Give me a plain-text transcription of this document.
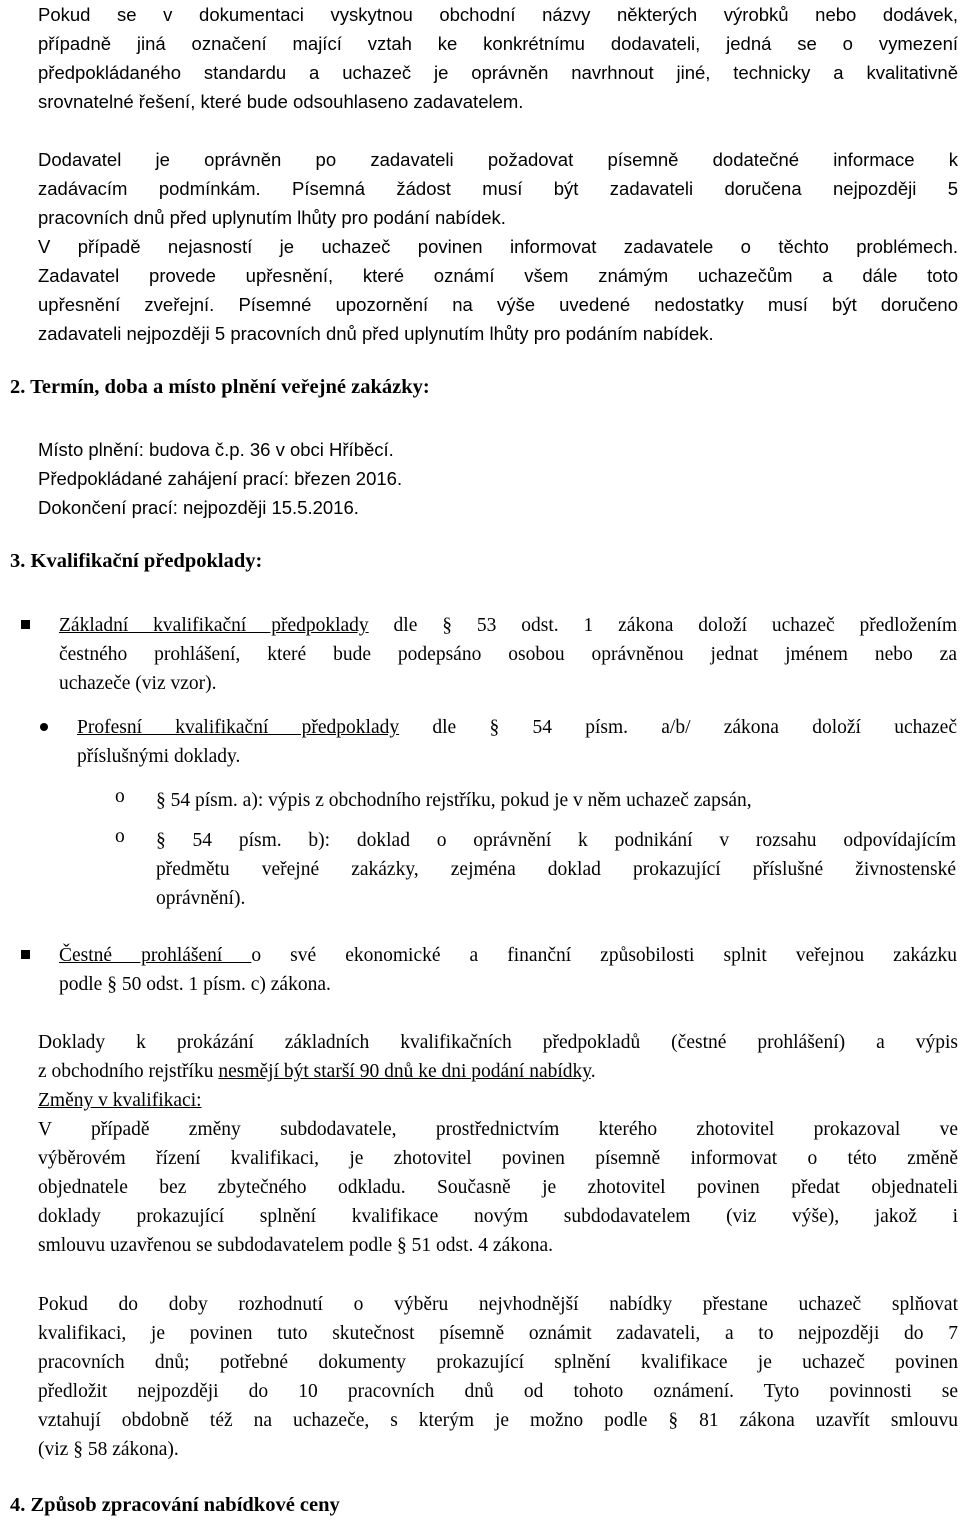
Pokud se v dokumentaci vyskytnou obchodní názvy některých výrobků nebo dodávek,
případně jiná označení mající vztah ke konkrétnímu dodavateli, jedná se o vymezení
předpokládaného standardu a uchazeč je oprávněn navrhnout jiné, technicky a kvalitativně
srovnatelné řešení, které bude odsouhlaseno zadavatelem.
Dodavatel je oprávněn po zadavateli požadovat písemně dodatečné informace k
zadávacím podmínkám. Písemná žádost musí být zadavateli doručena nejpozději 5
pracovních dnů před uplynutím lhůty pro podání nabídek.
V případě nejasností je uchazeč povinen informovat zadavatele o těchto problémech.
Zadavatel provede upřesnění, které oznámí všem známým uchazečům a dále toto
upřesnění zveřejní. Písemné upozornění na výše uvedené nedostatky musí být doručeno
zadavateli nejpozději 5 pracovních dnů před uplynutím lhůty pro podáním nabídek.
2. Termín, doba a místo plnění veřejné zakázky:
Místo plnění: budova č.p. 36 v obci Hříběcí.
Předpokládané zahájení prací: březen 2016.
Dokončení prací: nejpozději 15.5.2016.
3. Kvalifikační předpoklady:
Základní kvalifikační předpoklady dle § 53 odst. 1 zákona doloží uchazeč předložením
čestného prohlášení, které bude podepsáno osobou oprávněnou jednat jménem nebo za
uchazeče (viz vzor).
Profesní kvalifikační předpoklady dle § 54 písm. a/b/ zákona doloží uchazeč
příslušnými doklady.
o § 54 písm. a): výpis z obchodního rejstříku, pokud je v něm uchazeč zapsán,
o § 54 písm. b): doklad o oprávnění k podnikání v rozsahu odpovídajícím
předmětu veřejné zakázky, zejména doklad prokazující příslušné živnostenské
oprávnění).
Čestné prohlášení o své ekonomické a finanční způsobilosti splnit veřejnou zakázku
podle § 50 odst. 1 písm. c) zákona.
Doklady k prokázání základních kvalifikačních předpokladů (čestné prohlášení) a výpis
z obchodního rejstříku nesmějí být starší 90 dnů ke dni podání nabídky.
Změny v kvalifikaci:
V případě změny subdodavatele, prostřednictvím kterého zhotovitel prokazoval ve
výběrovém řízení kvalifikaci, je zhotovitel povinen písemně informovat o této změně
objednatele bez zbytečného odkladu. Současně je zhotovitel povinen předat objednateli
doklady prokazující splnění kvalifikace novým subdodavatelem (viz výše), jakož i
smlouvu uzavřenou se subdodavatelem podle § 51 odst. 4 zákona.
Pokud do doby rozhodnutí o výběru nejvhodnější nabídky přestane uchazeč splňovat
kvalifikaci, je povinen tuto skutečnost písemně oznámit zadavateli, a to nejpozději do 7
pracovních dnů; potřebné dokumenty prokazující splnění kvalifikace je uchazeč povinen
předložit nejpozději do 10 pracovních dnů od tohoto oznámení. Tyto povinnosti se
vztahují obdobně též na uchazeče, s kterým je možno podle § 81 zákona uzavřít smlouvu
(viz § 58 zákona).
4. Způsob zpracování nabídkové ceny
